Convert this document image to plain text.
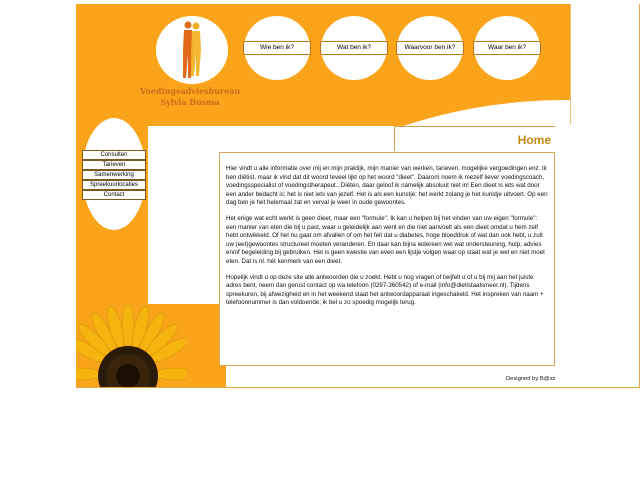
Voedingsadviesbureau
Sylvia Bosma
Wie ben ik?	Wat ben ik?	Waarvoor ben ik?	Waar ben ik?
Consulten
Tarieven
Samenwerking
Spreekuurlocaties
Contact
Home

Hier vindt u alle informatie over mij en mijn praktijk, mijn manier van werken, tarieven, mogelijke vergoedingen enz. Ik ben diëtist, maar ik vind dat dit woord teveel lijkt op het woord "dieet". Daarom noem ik mezelf liever voedingscoach, voedingsspecialist of voedingstherapeut.. Diëten, daar geloof ik namelijk absoluut niet in! Een dieet is iets wat door een ander bedacht is; het is niet iets van jezelf. Het is als een kunstje: het werkt zolang je het kunstje uitvoert. Op een dag ben je het helemaal zat en verval je weer in oude gewoontes.

Het enige wat echt werkt is geen dieet, maar een "formule". Ik kan u helpen bij het vinden van uw eigen "formule": een manier van eten die bij u past, waar u geleidelijk aan went en die niet aanvoelt als een dieet omdat u hem zelf hebt ontwikkeld. Of het nu gaat om afvallen of om het feit dat u diabetes, hoge bloeddruk of wat dan ook hebt, u zult uw (eet)gewoontes structureel moeten veranderen. En daar kan bijna iedereen wel wat ondersteuning, hulp, advies en/of begeleiding bij gebruiken. Het is geen kwestie van even een lijstje volgen waar op staat wat je wel en niet moet eten. Dat is nl. hét kenmerk van een dieet.

Hopelijk vindt u op deze site alle antwoorden die u zoekt. Hebt u nog vragen of twijfelt u of u bij mij aan het juiste adres bent, neem dan gerust contact op via telefoon (0297-360542) of e-mail (info@dietistaalsmeer.nl). Tijdens spreekuren, bij afwezigheid en in het weekend staat het antwoordapparaat ingeschakeld. Het inspreken van naam + telefoonnummer is dan voldoende; ik bel u zo spoedig mogelijk terug.

Designed by B@sz
